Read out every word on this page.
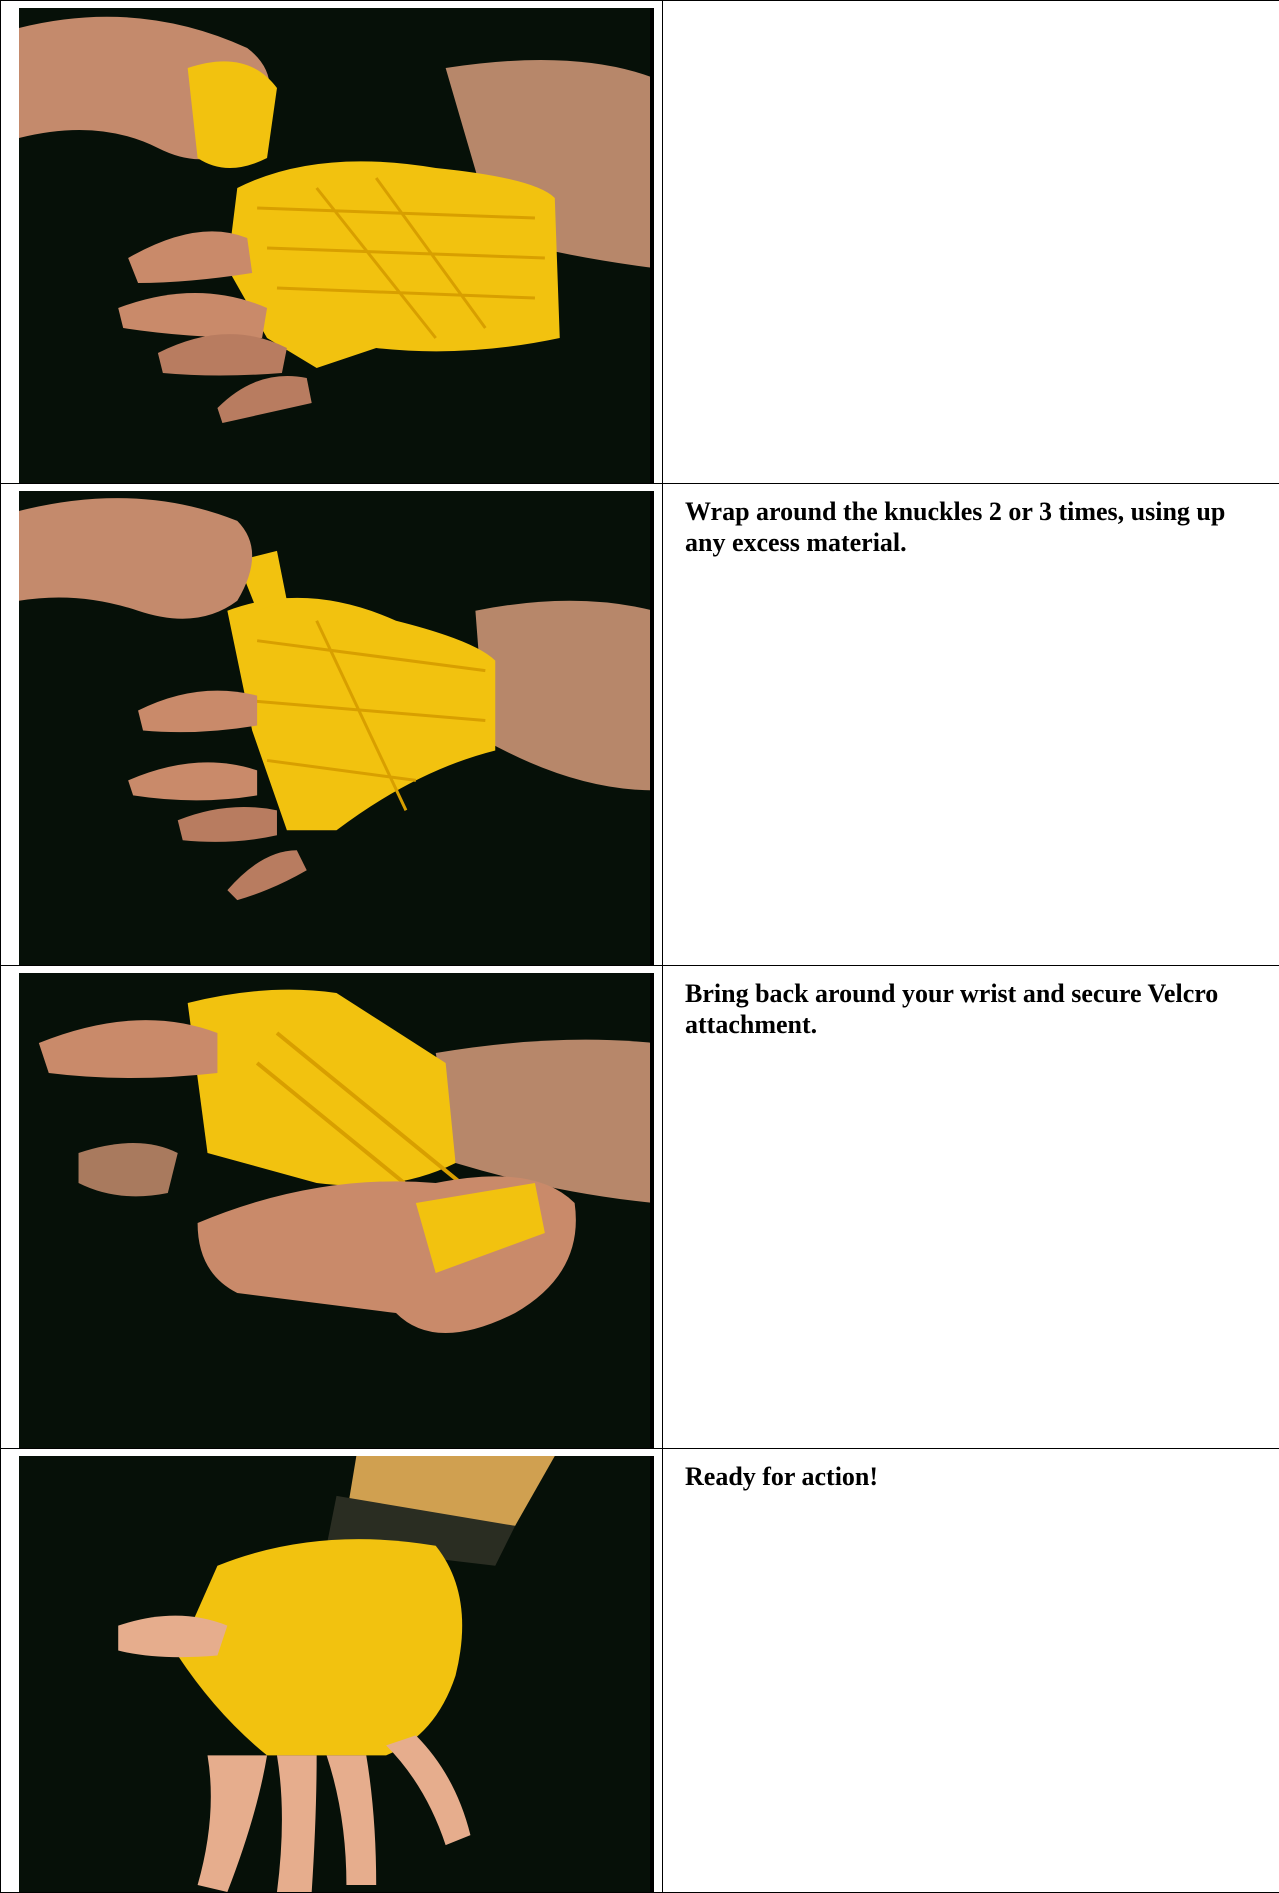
Wrap around the knuckles 2 or 3 times, using up any excess material.

Bring back around your wrist and secure Velcro attachment.

Ready for action!
